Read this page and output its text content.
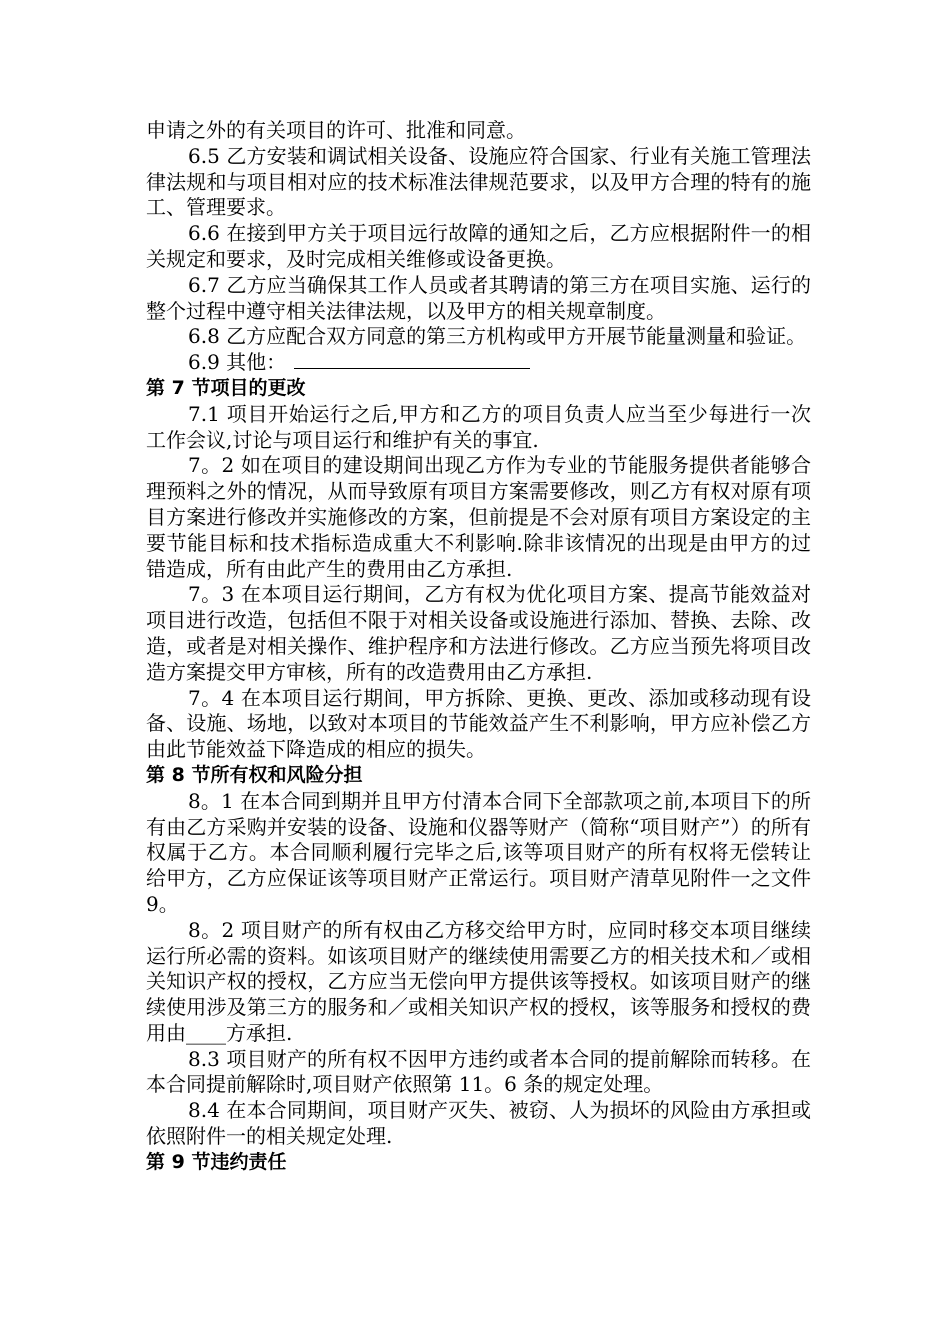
申请之外的有关项目的许可、批准和同意。

6.5 乙方安装和调试相关设备、设施应符合国家、行业有关施工管理法律法规和与项目相对应的技术标准法律规范要求，以及甲方合理的特有的施工、管理要求。

6.6 在接到甲方关于项目远行故障的通知之后，乙方应根据附件一的相关规定和要求，及时完成相关维修或设备更换。

6.7 乙方应当确保其工作人员或者其聘请的第三方在项目实施、运行的整个过程中遵守相关法律法规，以及甲方的相关规章制度。

6.8 乙方应配合双方同意的第三方机构或甲方开展节能量测量和验证。

6.9 其他：

第 7 节项目的更改

7.1 项目开始运行之后,甲方和乙方的项目负责人应当至少每进行一次工作会议,讨论与项目运行和维护有关的事宜.

7。2 如在项目的建设期间出现乙方作为专业的节能服务提供者能够合理预料之外的情况，从而导致原有项目方案需要修改，则乙方有权对原有项目方案进行修改并实施修改的方案，但前提是不会对原有项目方案设定的主要节能目标和技术指标造成重大不利影响.除非该情况的出现是由甲方的过错造成，所有由此产生的费用由乙方承担.

7。3 在本项目运行期间，乙方有权为优化项目方案、提高节能效益对项目进行改造，包括但不限于对相关设备或设施进行添加、替换、去除、改造，或者是对相关操作、维护程序和方法进行修改。乙方应当预先将项目改造方案提交甲方审核，所有的改造费用由乙方承担.

7。4 在本项目运行期间，甲方拆除、更换、更改、添加或移动现有设备、设施、场地，以致对本项目的节能效益产生不利影响，甲方应补偿乙方由此节能效益下降造成的相应的损失。

第 8 节所有权和风险分担

8。1 在本合同到期并且甲方付清本合同下全部款项之前,本项目下的所有由乙方采购并安装的设备、设施和仪器等财产（简称“项目财产”）的所有权属于乙方。本合同顺利履行完毕之后,该等项目财产的所有权将无偿转让给甲方，乙方应保证该等项目财产正常运行。项目财产清草见附件一之文件 9。

8。2 项目财产的所有权由乙方移交给甲方时，应同时移交本项目继续运行所必需的资料。如该项目财产的继续使用需要乙方的相关技术和／或相关知识产权的授权，乙方应当无偿向甲方提供该等授权。如该项目财产的继续使用涉及第三方的服务和／或相关知识产权的授权，该等服务和授权的费用由____方承担.

8.3 项目财产的所有权不因甲方违约或者本合同的提前解除而转移。在本合同提前解除时,项目财产依照第 11。6 条的规定处理。

8.4 在本合同期间，项目财产灭失、被窃、人为损坏的风险由方承担或依照附件一的相关规定处理.

第 9 节违约责任
